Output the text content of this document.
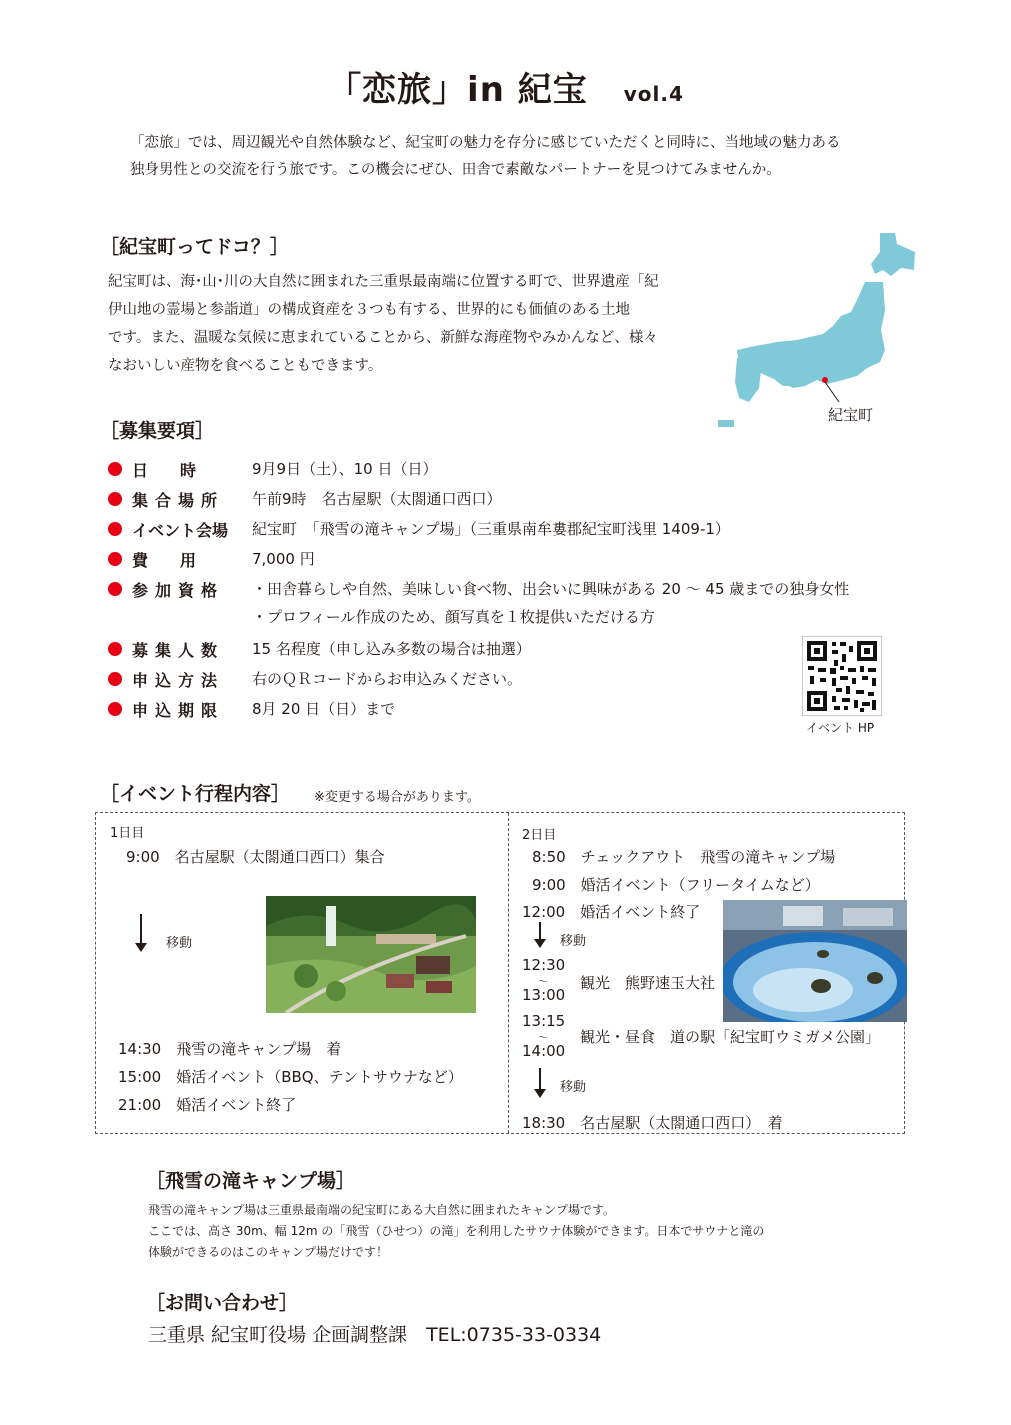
「恋旅」in 紀宝 vol.4
「恋旅」では、周辺観光や自然体験など、紀宝町の魅力を存分に感じていただくと同時に、当地域の魅力ある
独身男性との交流を行う旅です。この機会にぜひ、田舎で素敵なパートナーを見つけてみませんか。
［紀宝町ってドコ？］
紀宝町は、海･山･川の大自然に囲まれた三重県最南端に位置する町で、世界遺産「紀
伊山地の霊場と参詣道」の構成資産を３つも有する、世界的にも価値のある土地
です。また、温暖な気候に恵まれていることから、新鮮な海産物やみかんなど、様々
なおいしい産物を食べることもできます。
紀宝町
［募集要項］
日　　時	9月9日（土）、10 日（日）
集合場所	午前9時　名古屋駅（太閤通口西口）
イベント会場 紀宝町　「飛雪の滝キャンプ場」（三重県南牟婁郡紀宝町浅里 1409-1）
費　　用	7,000 円
参加資格	・田舎暮らしや自然、美味しい食べ物、出会いに興味がある 20 ～ 45 歳までの独身女性
・プロフィール作成のため、顔写真を１枚提供いただける方
募集人数	15 名程度（申し込み多数の場合は抽選）
申込方法	右のＱＲコードからお申込みください。
申込期限	8月 20 日（日）まで
イベント HP
［イベント行程内容］ ※変更する場合があります。
1日目
9:00　名古屋駅（太閤通口西口）集合
移動
14:30　飛雪の滝キャンプ場　着
15:00　婚活イベント（BBQ、テントサウナなど）
21:00　婚活イベント終了
2日目
8:50　チェックアウト　飛雪の滝キャンプ場
9:00　婚活イベント（フリータイムなど）
12:00　婚活イベント終了
移動
12:30
～
13:00
観光　熊野速玉大社
13:15
～
14:00
観光・昼食　道の駅「紀宝町ウミガメ公園」
移動
18:30　名古屋駅（太閤通口西口）　着
［飛雪の滝キャンプ場］
飛雪の滝キャンプ場は三重県最南端の紀宝町にある大自然に囲まれたキャンプ場です。
ここでは、高さ 30m、幅 12m の「飛雪（ひせつ）の滝」を利用したサウナ体験ができます。日本でサウナと滝の
体験ができるのはこのキャンプ場だけです！
［お問い合わせ］
三重県 紀宝町役場 企画調整課　TEL:0735-33-0334
